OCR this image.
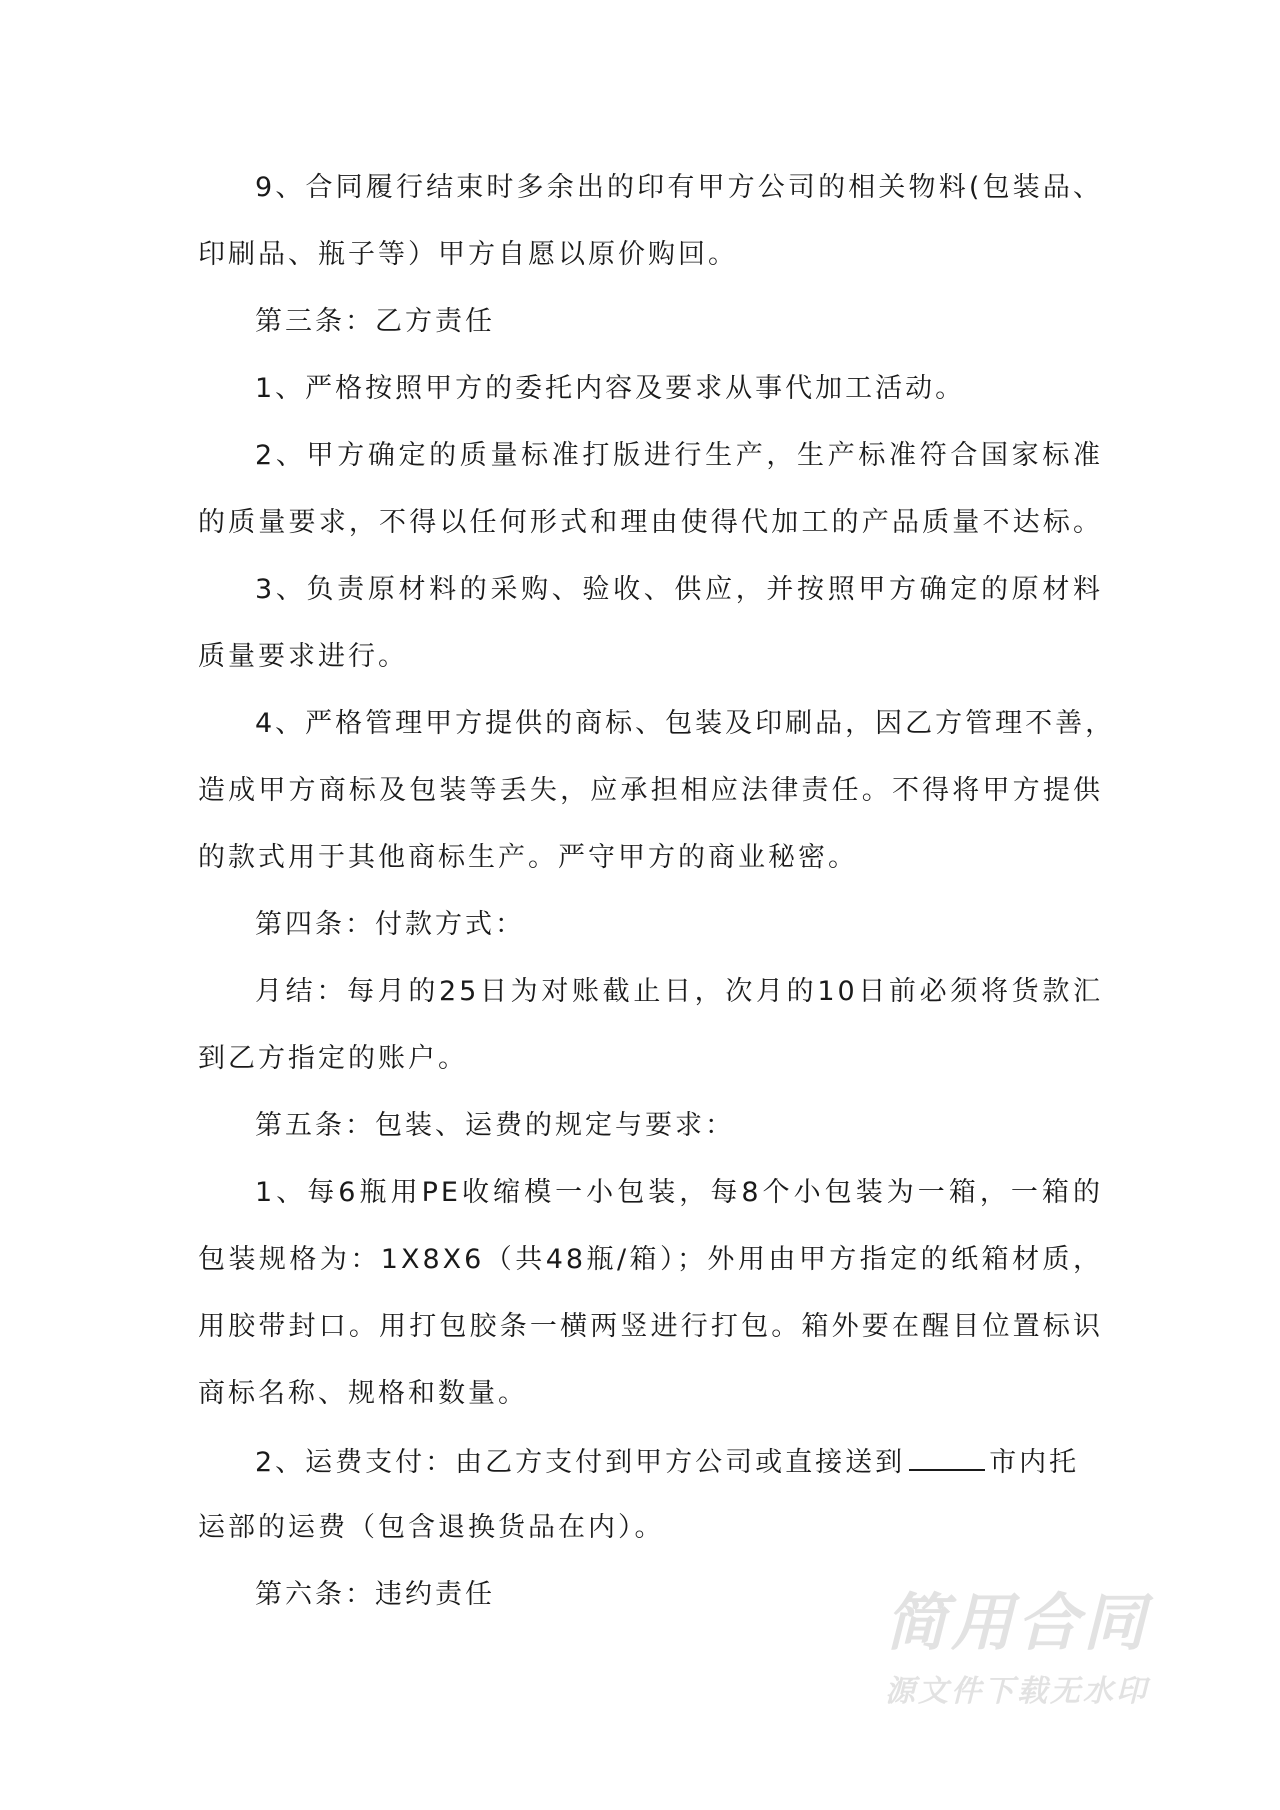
9、合同履行结束时多余出的印有甲方公司的相关物料(包装品、
印刷品、瓶子等）甲方自愿以原价购回。
第三条：乙方责任
1、严格按照甲方的委托内容及要求从事代加工活动。
2、甲方确定的质量标准打版进行生产，生产标准符合国家标准
的质量要求，不得以任何形式和理由使得代加工的产品质量不达标。
3、负责原材料的采购、验收、供应，并按照甲方确定的原材料
质量要求进行。
4、严格管理甲方提供的商标、包装及印刷品，因乙方管理不善，
造成甲方商标及包装等丢失，应承担相应法律责任。不得将甲方提供
的款式用于其他商标生产。严守甲方的商业秘密。
第四条：付款方式：
月结：每月的25日为对账截止日，次月的10日前必须将货款汇
到乙方指定的账户。
第五条：包装、运费的规定与要求：
1、每6瓶用PE收缩模一小包装，每8个小包装为一箱，一箱的
包装规格为：1X8X6（共48瓶/箱）；外用由甲方指定的纸箱材质，
用胶带封口。用打包胶条一横两竖进行打包。箱外要在醒目位置标识
商标名称、规格和数量。
2、运费支付：由乙方支付到甲方公司或直接送到	市内托
运部的运费（包含退换货品在内）。
第六条：违约责任	简用合同
源文件下载无水印
